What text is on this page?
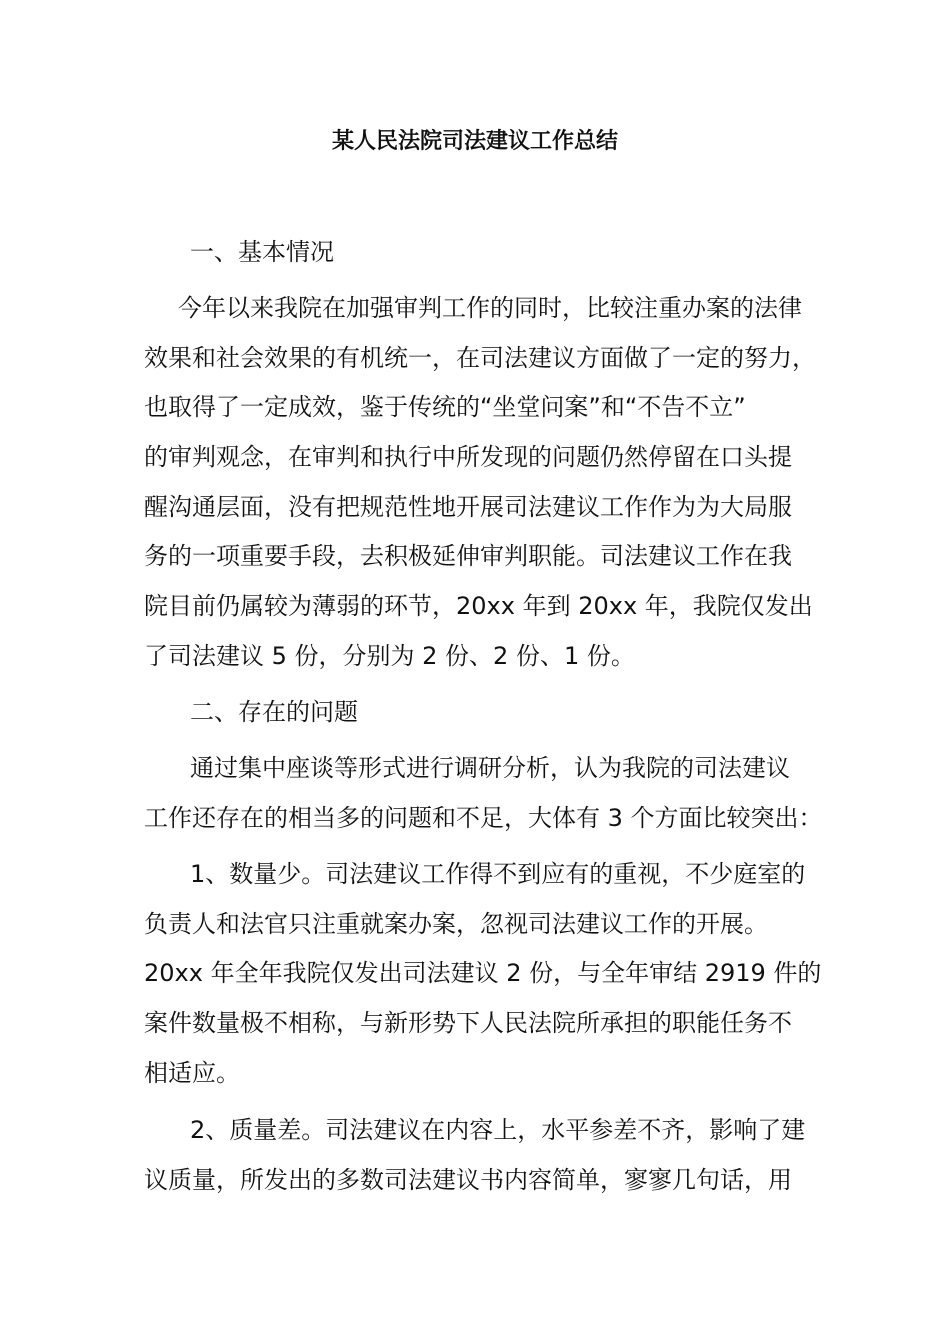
某人民法院司法建议工作总结
一、基本情况
今年以来我院在加强审判工作的同时，比较注重办案的法律
效果和社会效果的有机统一，在司法建议方面做了一定的努力，
也取得了一定成效，鉴于传统的“坐堂问案”和“不告不立”
的审判观念，在审判和执行中所发现的问题仍然停留在口头提
醒沟通层面，没有把规范性地开展司法建议工作作为为大局服
务的一项重要手段，去积极延伸审判职能。司法建议工作在我
院目前仍属较为薄弱的环节，20xx 年到 20xx 年，我院仅发出
了司法建议 5 份，分别为 2 份、2 份、1 份。
二、存在的问题
通过集中座谈等形式进行调研分析，认为我院的司法建议
工作还存在的相当多的问题和不足，大体有 3 个方面比较突出：
1、数量少。司法建议工作得不到应有的重视，不少庭室的
负责人和法官只注重就案办案，忽视司法建议工作的开展。
20xx 年全年我院仅发出司法建议 2 份，与全年审结 2919 件的
案件数量极不相称，与新形势下人民法院所承担的职能任务不
相适应。
2、质量差。司法建议在内容上，水平参差不齐，影响了建
议质量，所发出的多数司法建议书内容简单，寥寥几句话，用
